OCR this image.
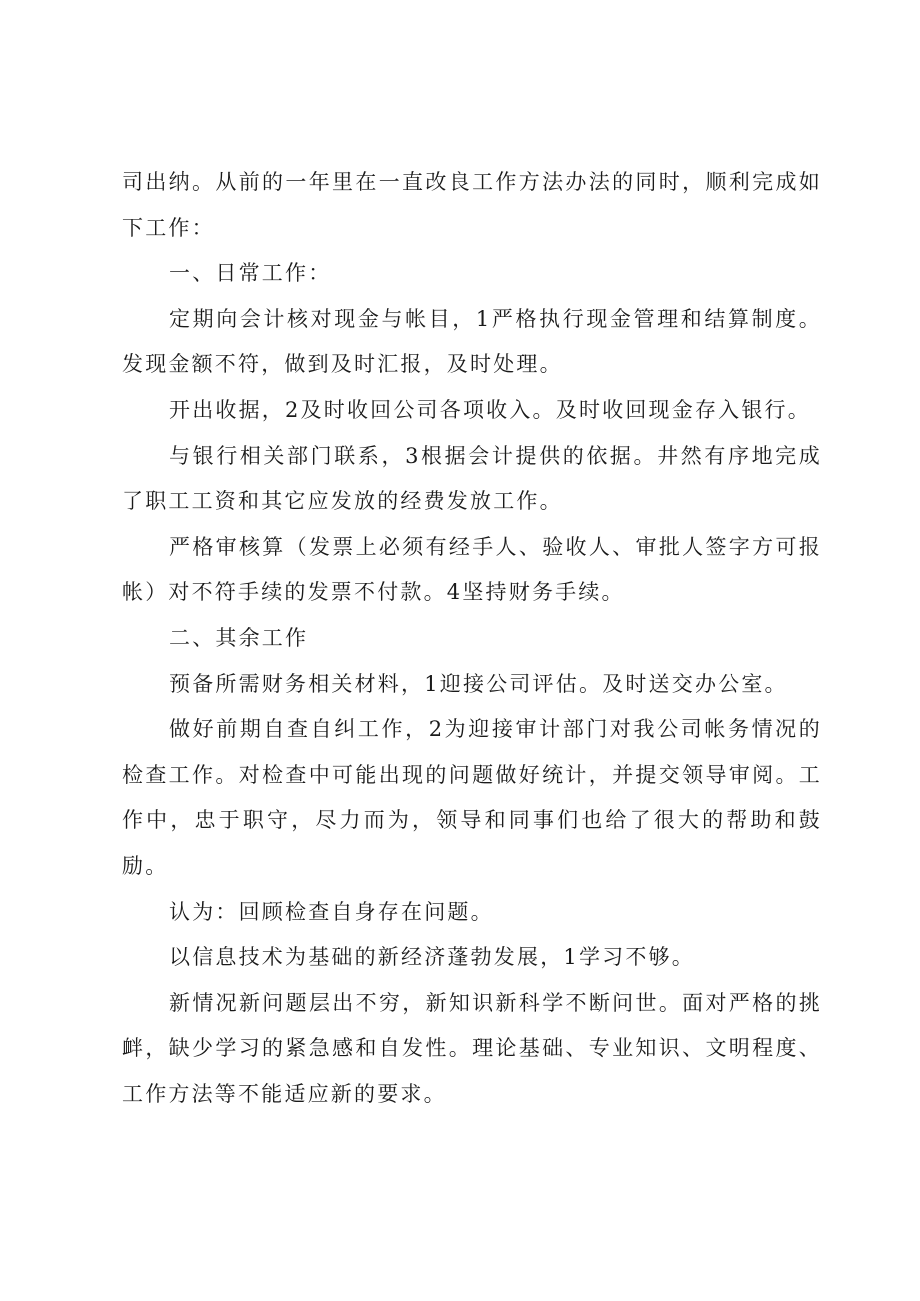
司出纳。从前的一年里在一直改良工作方法办法的同时，顺利完成如下工作：

一、日常工作：

定期向会计核对现金与帐目，1严格执行现金管理和结算制度。发现金额不符，做到及时汇报，及时处理。

开出收据，2及时收回公司各项收入。及时收回现金存入银行。

与银行相关部门联系，3根据会计提供的依据。井然有序地完成了职工工资和其它应发放的经费发放工作。

严格审核算（发票上必须有经手人、验收人、审批人签字方可报帐）对不符手续的发票不付款。4坚持财务手续。

二、其余工作

预备所需财务相关材料，1迎接公司评估。及时送交办公室。

做好前期自查自纠工作，2为迎接审计部门对我公司帐务情况的检查工作。对检查中可能出现的问题做好统计，并提交领导审阅。工作中，忠于职守，尽力而为，领导和同事们也给了很大的帮助和鼓励。

认为：回顾检查自身存在问题。

以信息技术为基础的新经济蓬勃发展，1学习不够。

新情况新问题层出不穷，新知识新科学不断问世。面对严格的挑衅，缺少学习的紧急感和自发性。理论基础、专业知识、文明程度、工作方法等不能适应新的要求。
